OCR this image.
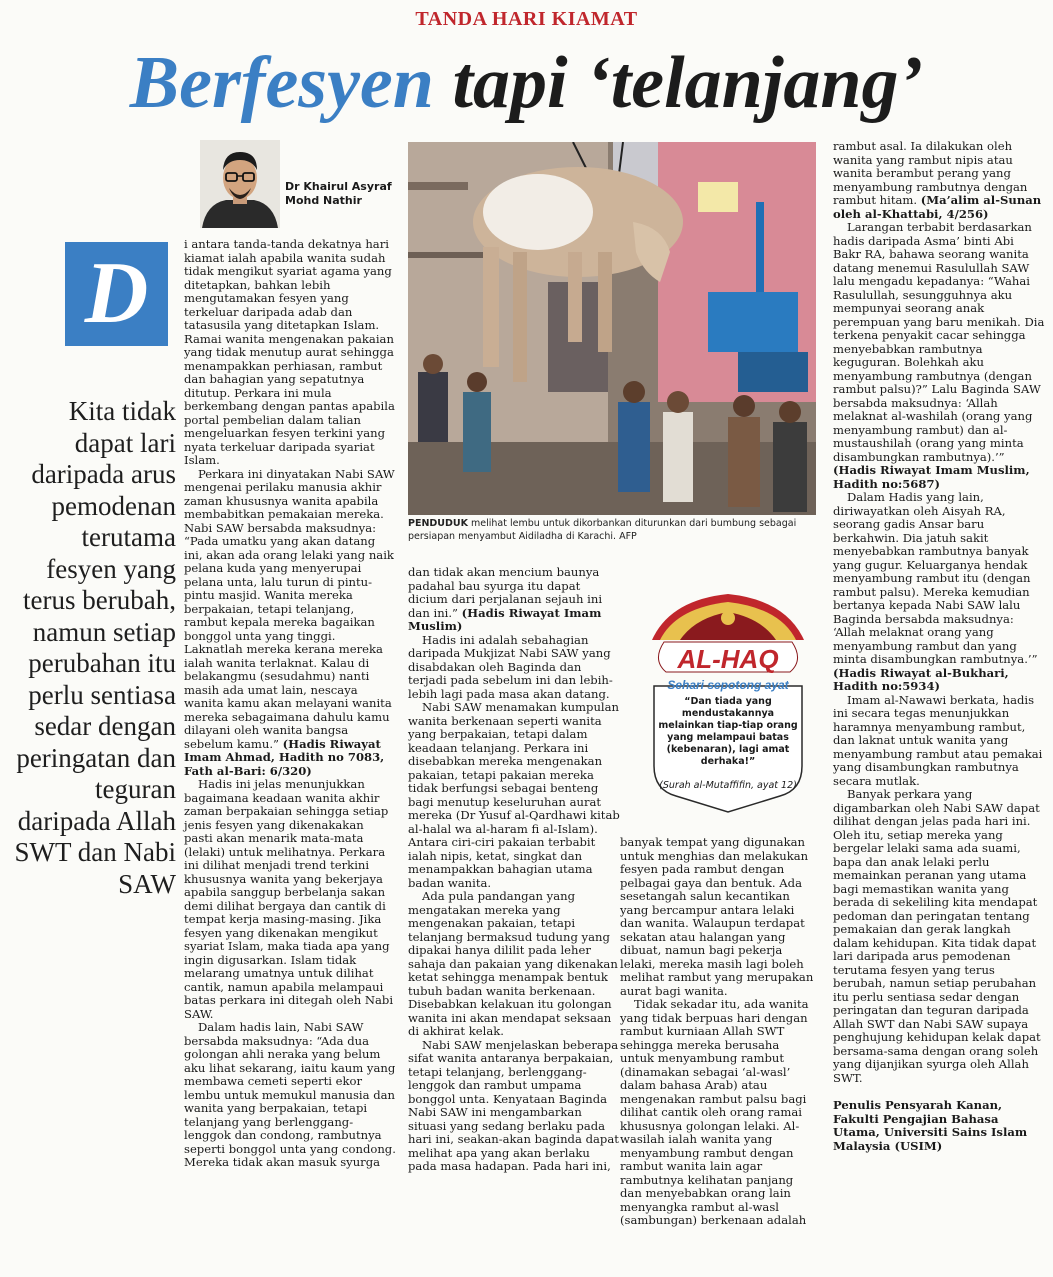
TANDA HARI KIAMAT
Berfesyen tapi ‘telanjang’
Dr Khairul Asyraf
Mohd Nathir
D
Kita tidak dapat lari daripada arus pemodenan terutama fesyen yang terus berubah, namun setiap perubahan itu perlu sentiasa sedar dengan peringatan dan teguran daripada Allah SWT dan Nabi SAW

i antara tanda-tanda dekatnya hari kiamat ialah apabila wanita sudah tidak mengikut syariat agama yang ditetapkan, bahkan lebih mengutamakan fesyen yang terkeluar daripada adab dan tatasusila yang ditetapkan Islam. Ramai wanita mengenakan pakaian yang tidak menutup aurat sehingga menampakkan perhiasan, rambut dan bahagian yang sepatutnya ditutup. Perkara ini mula berkembang dengan pantas apabila portal pembelian dalam talian mengeluarkan fesyen terkini yang nyata terkeluar daripada syariat Islam.

Perkara ini dinyatakan Nabi SAW mengenai perilaku manusia akhir zaman khususnya wanita apabila membabitkan pemakaian mereka. Nabi SAW bersabda maksudnya: “Pada umatku yang akan datang ini, akan ada orang lelaki yang naik pelana kuda yang menyerupai pelana unta, lalu turun di pintu-pintu masjid. Wanita mereka berpakaian, tetapi telanjang, rambut kepala mereka bagaikan bonggol unta yang tinggi. Laknatlah mereka kerana mereka ialah wanita terlaknat. Kalau di belakangmu (sesudahmu) nanti masih ada umat lain, nescaya wanita kamu akan melayani wanita mereka sebagaimana dahulu kamu dilayani oleh wanita bangsa sebelum kamu.” (Hadis Riwayat Imam Ahmad, Hadith no 7083, Fath al-Bari: 6/320)

Hadis ini jelas menunjukkan bagaimana keadaan wanita akhir zaman berpakaian sehingga setiap jenis fesyen yang dikenakakan pasti akan menarik mata-mata (lelaki) untuk melihatnya. Perkara ini dilihat menjadi trend terkini khususnya wanita yang bekerjaya apabila sanggup berbelanja sakan demi dilihat bergaya dan cantik di tempat kerja masing-masing. Jika fesyen yang dikenakan mengikut syariat Islam, maka tiada apa yang ingin digusarkan. Islam tidak melarang umatnya untuk dilihat cantik, namun apabila melampaui batas perkara ini ditegah oleh Nabi SAW.

Dalam hadis lain, Nabi SAW bersabda maksudnya: “Ada dua golongan ahli neraka yang belum aku lihat sekarang, iaitu kaum yang membawa cemeti seperti ekor lembu untuk memukul manusia dan wanita yang berpakaian, tetapi telanjang yang berlenggang-lenggok dan condong, rambutnya seperti bonggol unta yang condong. Mereka tidak akan masuk syurga

PENDUDUK melihat lembu untuk dikorbankan diturunkan dari bumbung sebagai persiapan menyambut Aidiladha di Karachi. AFP

dan tidak akan mencium baunya padahal bau syurga itu dapat dicium dari perjalanan sejauh ini dan ini.” (Hadis Riwayat Imam Muslim)

Hadis ini adalah sebahagian daripada Mukjizat Nabi SAW yang disabdakan oleh Baginda dan terjadi pada sebelum ini dan lebih-lebih lagi pada masa akan datang.

Nabi SAW menamakan kumpulan wanita berkenaan seperti wanita yang berpakaian, tetapi dalam keadaan telanjang. Perkara ini disebabkan mereka mengenakan pakaian, tetapi pakaian mereka tidak berfungsi sebagai benteng bagi menutup keseluruhan aurat mereka (Dr Yusuf al-Qardhawi kitab al-halal wa al-haram fi al-Islam). Antara ciri-ciri pakaian terbabit ialah nipis, ketat, singkat dan menampakkan bahagian utama badan wanita.

Ada pula pandangan yang mengatakan mereka yang mengenakan pakaian, tetapi telanjang bermaksud tudung yang dipakai hanya dililit pada leher sahaja dan pakaian yang dikenakan ketat sehingga menampak bentuk tubuh badan wanita berkenaan. Disebabkan kelakuan itu golongan wanita ini akan mendapat seksaan di akhirat kelak.

Nabi SAW menjelaskan beberapa sifat wanita antaranya berpakaian, tetapi telanjang, berlenggang-lenggok dan rambut umpama bonggol unta. Kenyataan Baginda Nabi SAW ini mengambarkan situasi yang sedang berlaku pada hari ini, seakan-akan baginda dapat melihat apa yang akan berlaku pada masa hadapan. Pada hari ini,

AL-HAQ
Sehari sepotong ayat
“Dan tiada yang mendustakannya melainkan tiap-tiap orang yang melampaui batas (kebenaran), lagi amat derhaka!”
(Surah al-Mutaffifin, ayat 12)

banyak tempat yang digunakan untuk menghias dan melakukan fesyen pada rambut dengan pelbagai gaya dan bentuk. Ada sesetangah salun kecantikan yang bercampur antara lelaki dan wanita. Walaupun terdapat sekatan atau halangan yang dibuat, namun bagi pekerja lelaki, mereka masih lagi boleh melihat rambut yang merupakan aurat bagi wanita.

Tidak sekadar itu, ada wanita yang tidak berpuas hari dengan rambut kurniaan Allah SWT sehingga mereka berusaha untuk menyambung rambut (dinamakan sebagai ‘al-wasl’ dalam bahasa Arab) atau mengenakan rambut palsu bagi dilihat cantik oleh orang ramai khususnya golongan lelaki. Al-wasilah ialah wanita yang menyambung rambut dengan rambut wanita lain agar rambutnya kelihatan panjang dan menyebabkan orang lain menyangka rambut al-wasl (sambungan) berkenaan adalah

rambut asal. Ia dilakukan oleh wanita yang rambut nipis atau wanita berambut perang yang menyambung rambutnya dengan rambut hitam. (Ma’alim al-Sunan oleh al-Khattabi, 4/256)

Larangan terbabit berdasarkan hadis daripada Asma’ binti Abi Bakr RA, bahawa seorang wanita datang menemui Rasulullah SAW lalu mengadu kepadanya: “Wahai Rasulullah, sesungguhnya aku mempunyai seorang anak perempuan yang baru menikah. Dia terkena penyakit cacar sehingga menyebabkan rambutnya keguguran. Bolehkah aku menyambung rambutnya (dengan rambut palsu)?” Lalu Baginda SAW bersabda maksudnya: ‘Allah melaknat al-washilah (orang yang menyambung rambut) dan al-mustaushilah (orang yang minta disambungkan rambutnya).’” (Hadis Riwayat Imam Muslim, Hadith no:5687)

Dalam Hadis yang lain, diriwayatkan oleh Aisyah RA, seorang gadis Ansar baru berkahwin. Dia jatuh sakit menyebabkan rambutnya banyak yang gugur. Keluarganya hendak menyambung rambut itu (dengan rambut palsu). Mereka kemudian bertanya kepada Nabi SAW lalu Baginda bersabda maksudnya: ‘Allah melaknat orang yang menyambung rambut dan yang minta disambungkan rambutnya.’” (Hadis Riwayat al-Bukhari, Hadith no:5934)

Imam al-Nawawi berkata, hadis ini secara tegas menunjukkan haramnya menyambung rambut, dan laknat untuk wanita yang menyambung rambut atau pemakai yang disambungkan rambutnya secara mutlak.

Banyak perkara yang digambarkan oleh Nabi SAW dapat dilihat dengan jelas pada hari ini. Oleh itu, setiap mereka yang bergelar lelaki sama ada suami, bapa dan anak lelaki perlu memainkan peranan yang utama bagi memastikan wanita yang berada di sekeliling kita mendapat pedoman dan peringatan tentang pemakaian dan gerak langkah dalam kehidupan. Kita tidak dapat lari daripada arus pemodenan terutama fesyen yang terus berubah, namun setiap perubahan itu perlu sentiasa sedar dengan peringatan dan teguran daripada Allah SWT dan Nabi SAW supaya penghujung kehidupan kelak dapat bersama-sama dengan orang soleh yang dijanjikan syurga oleh Allah SWT.

Penulis Pensyarah Kanan, Fakulti Pengajian Bahasa Utama, Universiti Sains Islam Malaysia (USIM)
